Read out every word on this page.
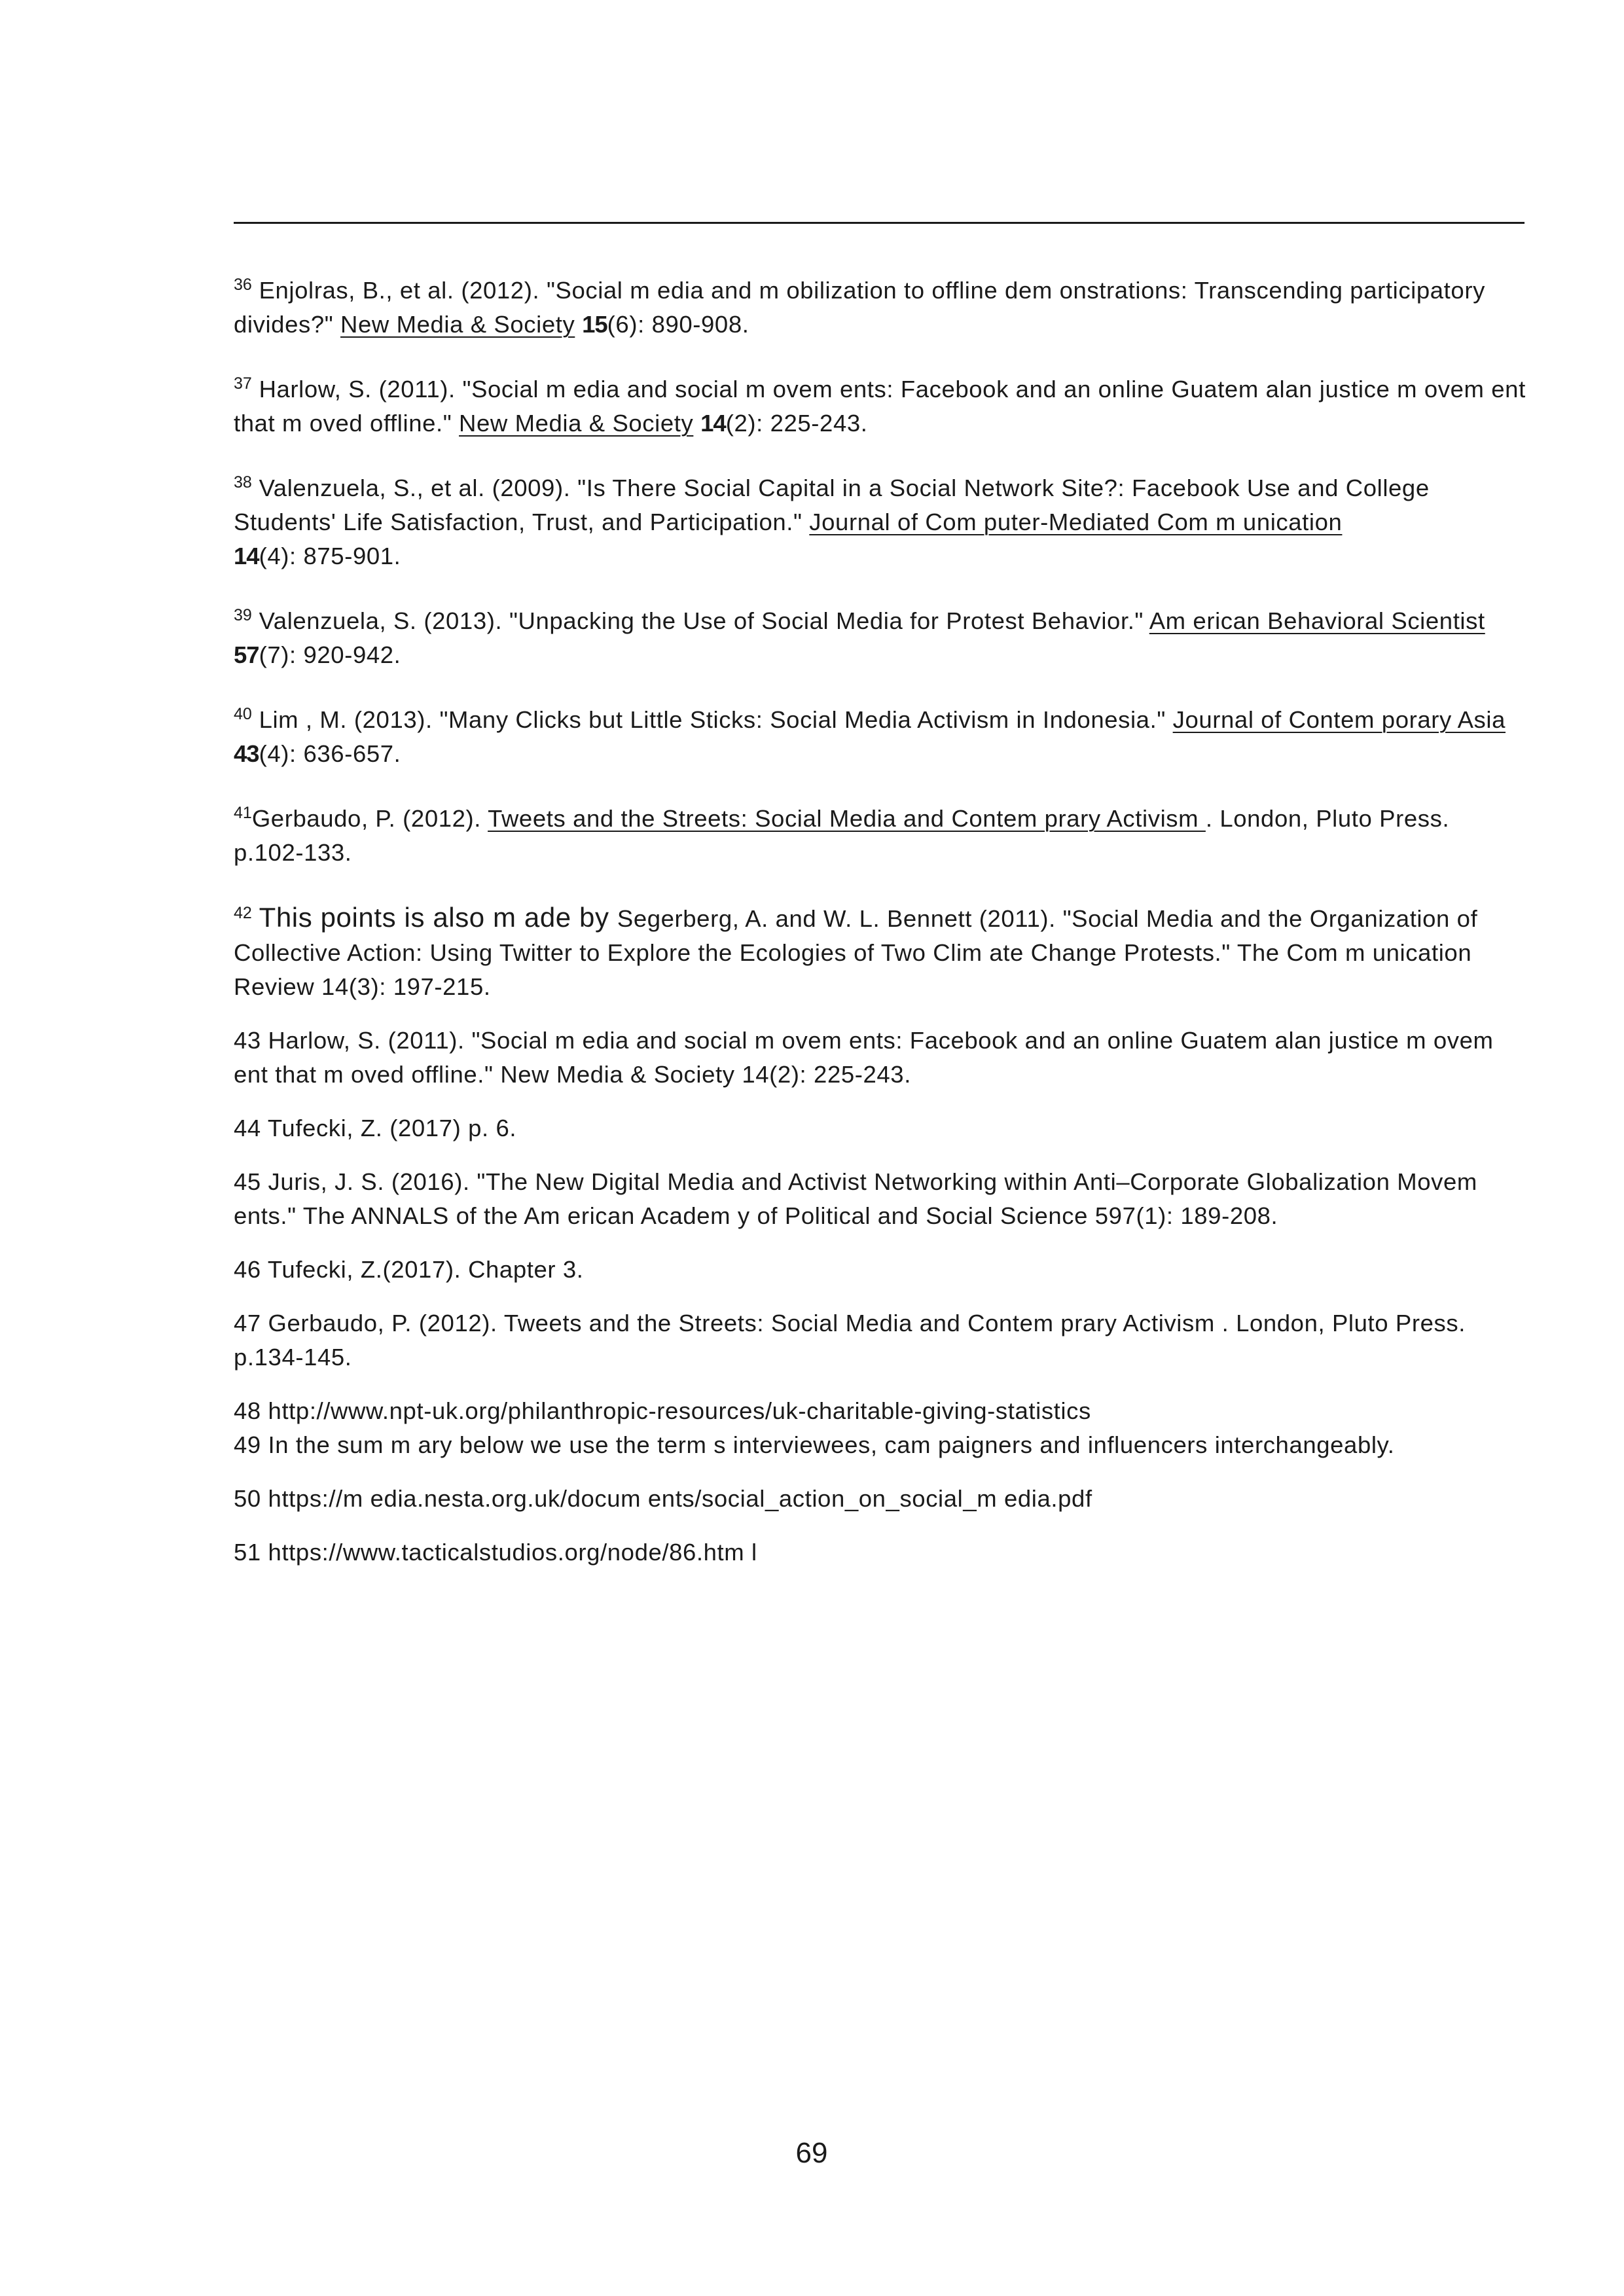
$^{36}$ Enjolras, B., et al. (2012). "Social m edia and m obilization to offline dem onstrations: Transcending participatory divides?" New Media & Society 15(6): 890-908.

$^{37}$ Harlow, S. (2011). "Social m edia and social m ovem ents: Facebook and an online Guatem alan justice m ovem ent that m oved offline." New Media & Society 14(2): 225-243.

$^{38}$ Valenzuela, S., et al. (2009). "Is There Social Capital in a Social Network Site?: Facebook Use and College Students' Life Satisfaction, Trust, and Participation." Journal of Com puter-Mediated Com m unication
14(4): 875-901.

$^{39}$ Valenzuela, S. (2013). "Unpacking the Use of Social Media for Protest Behavior." Am erican Behavioral Scientist 57(7): 920-942.

$^{40}$ Lim , M. (2013). "Many Clicks but Little Sticks: Social Media Activism in Indonesia." Journal of Contem porary Asia 43(4): 636-657.

$^{41}$Gerbaudo, P. (2012). Tweets and the Streets: Social Media and Contem prary Activism . London, Pluto Press. p.102-133.

$^{42}$ This points is also m ade by Segerberg, A. and W. L. Bennett (2011). "Social Media and the Organization of Collective Action: Using Twitter to Explore the Ecologies of Two Clim ate Change Protests." The Com m unication Review 14(3): 197-215.

43 Harlow, S. (2011). "Social m edia and social m ovem ents: Facebook and an online Guatem alan justice m ovem ent that m oved offline." New Media & Society 14(2): 225-243.

44 Tufecki, Z. (2017) p. 6.

45 Juris, J. S. (2016). "The New Digital Media and Activist Networking within Anti–Corporate Globalization Movem ents." The ANNALS of the Am erican Academ y of Political and Social Science 597(1): 189-208.

46 Tufecki, Z.(2017). Chapter 3.

47 Gerbaudo, P. (2012). Tweets and the Streets: Social Media and Contem prary Activism . London, Pluto Press. p.134-145.

48 http://www.npt-uk.org/philanthropic-resources/uk-charitable-giving-statistics

49 In the sum m ary below we use the term s interviewees, cam paigners and influencers interchangeably.

50 https://m edia.nesta.org.uk/docum ents/social_action_on_social_m edia.pdf

51 https://www.tacticalstudios.org/node/86.htm l

69
